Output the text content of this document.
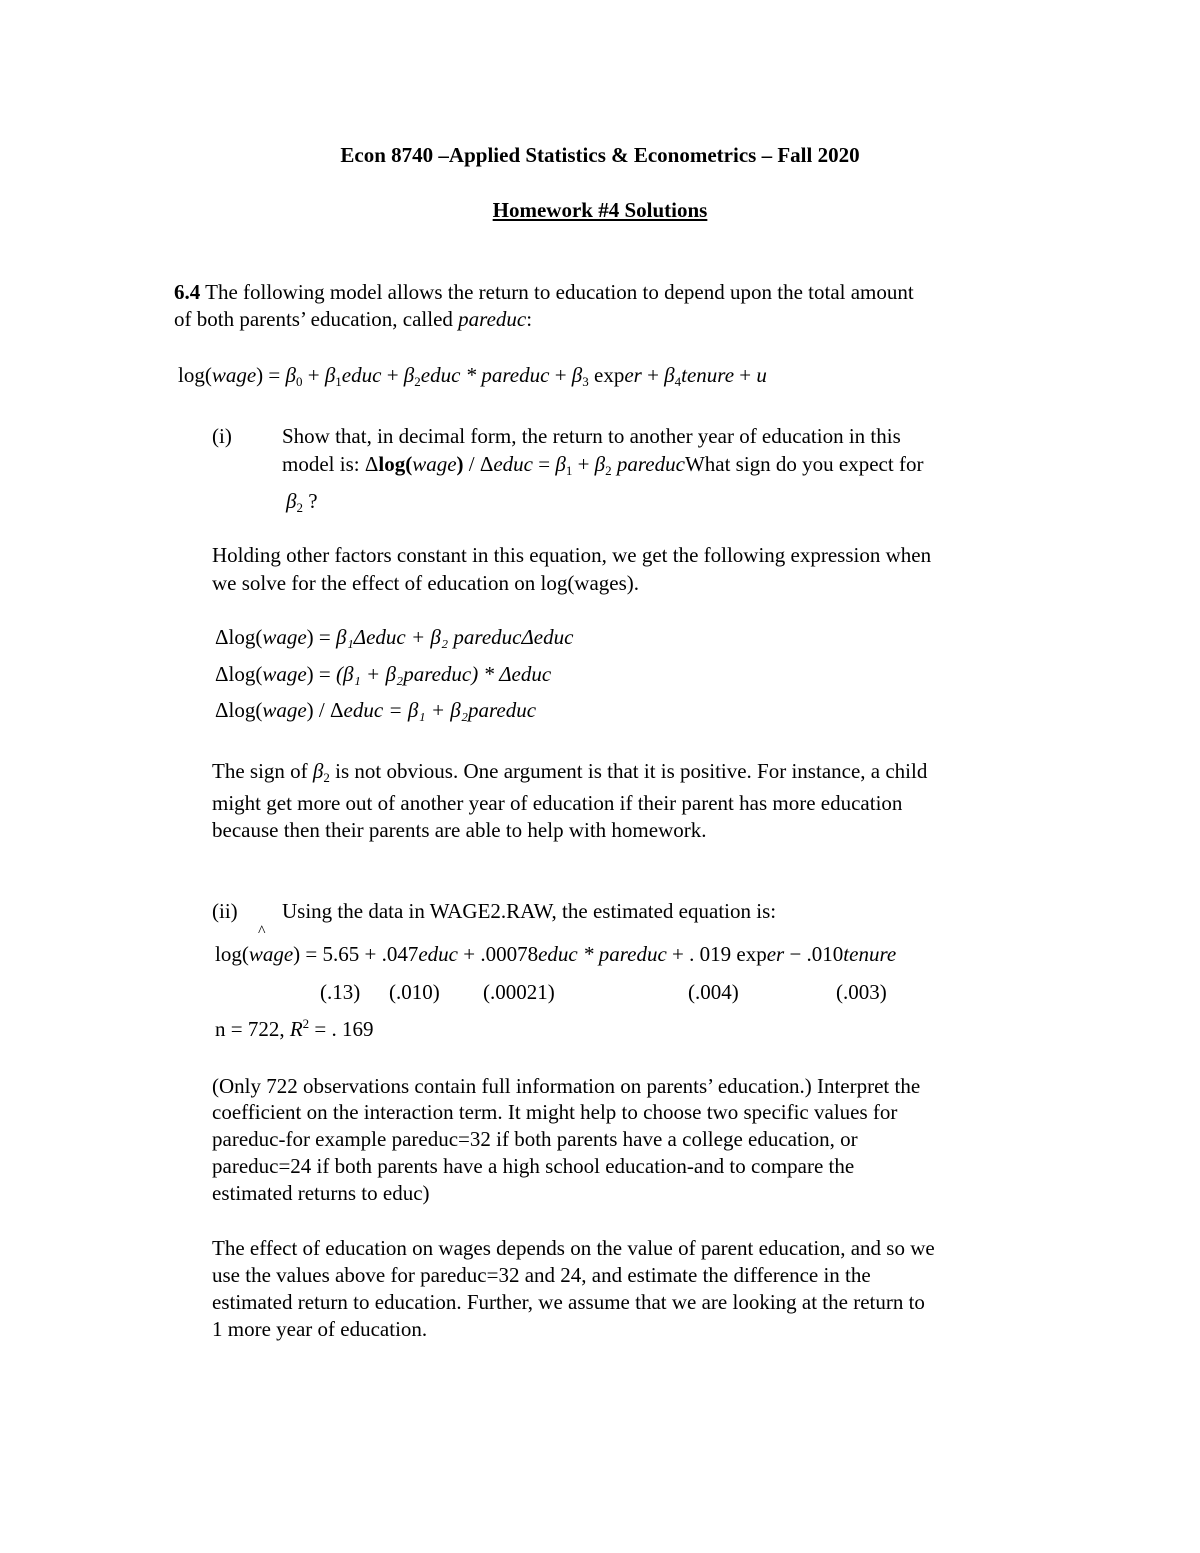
Econ 8740 –Applied Statistics & Econometrics – Fall 2020
Homework #4 Solutions
6.4 The following model allows the return to education to depend upon the total amount
of both parents’ education, called pareduc:
log(wage) = $\beta_0$ + $\beta_1educ$ + $\beta_2educ$ * pareduc + $\beta_3$ exper + $\beta_4tenure + u$
(i) Show that, in decimal form, the return to another year of education in this
model is: Δlog(wage) / Δeduc = $\beta_1 + \beta_2$ pareducWhat sign do you expect for
$\beta_2$ ?
Holding other factors constant in this equation, we get the following expression when
we solve for the effect of education on log(wages).
Δlog(wage) = β₁Δeduc + β₂ pareducΔeduc
Δlog(wage) = (β₁ + β₂pareduc) * Δeduc
Δlog(wage) / Δeduc = β₁ + β₂pareduc
The sign of $\beta_2$ is not obvious. One argument is that it is positive. For instance, a child
might get more out of another year of education if their parent has more education
because then their parents are able to help with homework.
(ii) Using the data in WAGE2.RAW, the estimated equation is:
^
log(wage) = 5.65 + .047educ + .00078educ * pareduc + . 019 exper − .010tenure
(.13) (.010) (.00021)	(.004)	(.003)
n = 722, $R^2$ = . 169
(Only 722 observations contain full information on parents’ education.) Interpret the
coefficient on the interaction term. It might help to choose two specific values for
pareduc-for example pareduc=32 if both parents have a college education, or
pareduc=24 if both parents have a high school education-and to compare the
estimated returns to educ)
The effect of education on wages depends on the value of parent education, and so we
use the values above for pareduc=32 and 24, and estimate the difference in the
estimated return to education. Further, we assume that we are looking at the return to
1 more year of education.
